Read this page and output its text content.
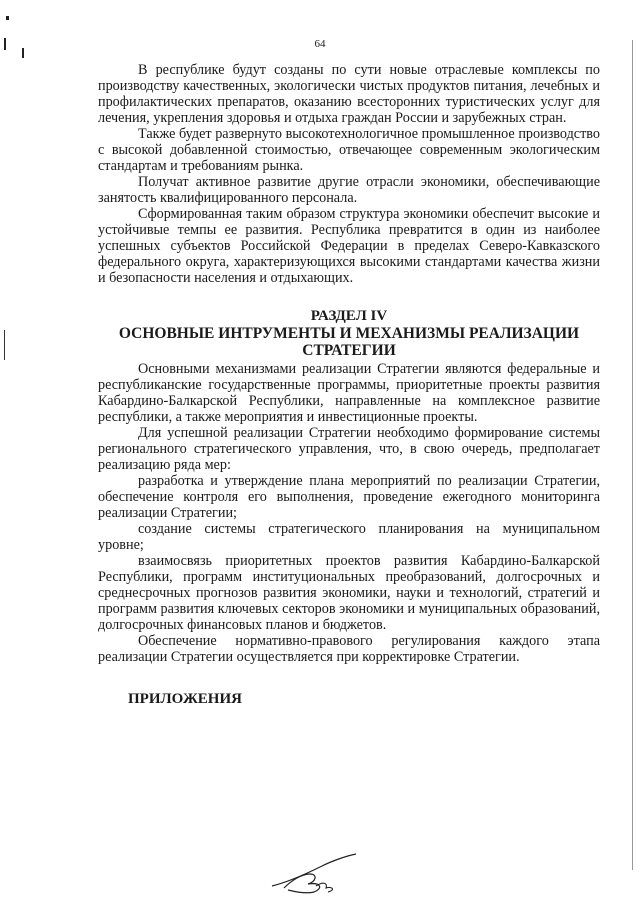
64

В республике будут созданы по сути новые отраслевые комплексы по производству качественных, экологически чистых продуктов питания, лечебных и профилактических препаратов, оказанию всесторонних туристических услуг для лечения, укрепления здоровья и отдыха граждан России и зарубежных стран.

Также будет развернуто высокотехнологичное промышленное производство с высокой добавленной стоимостью, отвечающее современным экологическим стандартам и требованиям рынка.

Получат активное развитие другие отрасли экономики, обеспечивающие занятость квалифицированного персонала.

Сформированная таким образом структура экономики обеспечит высокие и устойчивые темпы ее развития. Республика превратится в один из наиболее успешных субъектов Российской Федерации в пределах Северо-Кавказского федерального округа, характеризующихся высокими стандартами качества жизни и безопасности населения и отдыхающих.

РАЗДЕЛ IV
ОСНОВНЫЕ ИНТРУМЕНТЫ И МЕХАНИЗМЫ РЕАЛИЗАЦИИ СТРАТЕГИИ

Основными механизмами реализации Стратегии являются федеральные и республиканские государственные программы, приоритетные проекты развития Кабардино-Балкарской Республики, направленные на комплексное развитие республики, а также мероприятия и инвестиционные проекты.

Для успешной реализации Стратегии необходимо формирование системы регионального стратегического управления, что, в свою очередь, предполагает реализацию ряда мер:

разработка и утверждение плана мероприятий по реализации Стратегии, обеспечение контроля его выполнения, проведение ежегодного мониторинга реализации Стратегии;

создание системы стратегического планирования на муниципальном уровне;

взаимосвязь приоритетных проектов развития Кабардино-Балкарской Республики, программ институциональных преобразований, долгосрочных и среднесрочных прогнозов развития экономики, науки и технологий, стратегий и программ развития ключевых секторов экономики и муниципальных образований, долгосрочных финансовых планов и бюджетов.

Обеспечение нормативно-правового регулирования каждого этапа реализации Стратегии осуществляется при корректировке Стратегии.

ПРИЛОЖЕНИЯ
